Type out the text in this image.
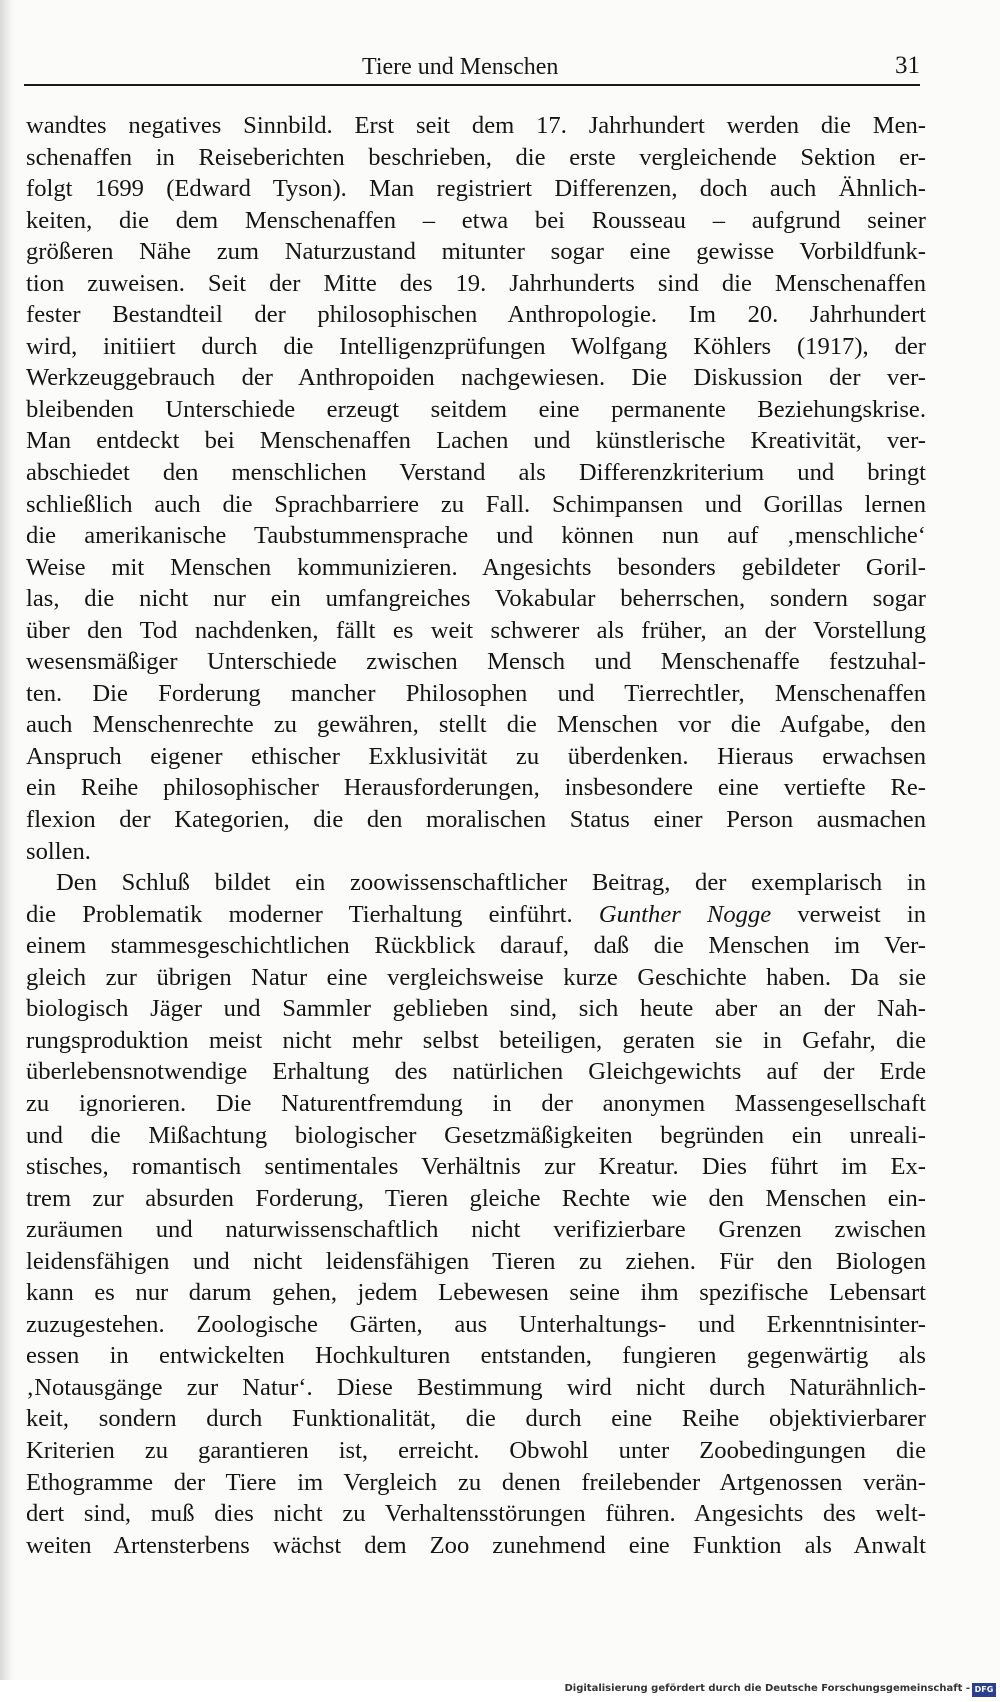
Tiere und Menschen	31
wandtes negatives Sinnbild. Erst seit dem 17. Jahrhundert werden die Men-
schenaffen in Reiseberichten beschrieben, die erste vergleichende Sektion er-
folgt 1699 (Edward Tyson). Man registriert Differenzen, doch auch Ähnlich-
keiten, die dem Menschenaffen – etwa bei Rousseau – aufgrund seiner
größeren Nähe zum Naturzustand mitunter sogar eine gewisse Vorbildfunk-
tion zuweisen. Seit der Mitte des 19. Jahrhunderts sind die Menschenaffen
fester Bestandteil der philosophischen Anthropologie. Im 20. Jahrhundert
wird, initiiert durch die Intelligenzprüfungen Wolfgang Köhlers (1917), der
Werkzeuggebrauch der Anthropoiden nachgewiesen. Die Diskussion der ver-
bleibenden Unterschiede erzeugt seitdem eine permanente Beziehungskrise.
Man entdeckt bei Menschenaffen Lachen und künstlerische Kreativität, ver-
abschiedet den menschlichen Verstand als Differenzkriterium und bringt
schließlich auch die Sprachbarriere zu Fall. Schimpansen und Gorillas lernen
die amerikanische Taubstummensprache und können nun auf ‚menschliche‘
Weise mit Menschen kommunizieren. Angesichts besonders gebildeter Goril-
las, die nicht nur ein umfangreiches Vokabular beherrschen, sondern sogar
über den Tod nachdenken, fällt es weit schwerer als früher, an der Vorstellung
wesensmäßiger Unterschiede zwischen Mensch und Menschenaffe festzuhal-
ten. Die Forderung mancher Philosophen und Tierrechtler, Menschenaffen
auch Menschenrechte zu gewähren, stellt die Menschen vor die Aufgabe, den
Anspruch eigener ethischer Exklusivität zu überdenken. Hieraus erwachsen
ein Reihe philosophischer Herausforderungen, insbesondere eine vertiefte Re-
flexion der Kategorien, die den moralischen Status einer Person ausmachen
sollen.
Den Schluß bildet ein zoowissenschaftlicher Beitrag, der exemplarisch in
die Problematik moderner Tierhaltung einführt. Gunther Nogge verweist in
einem stammesgeschichtlichen Rückblick darauf, daß die Menschen im Ver-
gleich zur übrigen Natur eine vergleichsweise kurze Geschichte haben. Da sie
biologisch Jäger und Sammler geblieben sind, sich heute aber an der Nah-
rungsproduktion meist nicht mehr selbst beteiligen, geraten sie in Gefahr, die
überlebensnotwendige Erhaltung des natürlichen Gleichgewichts auf der Erde
zu ignorieren. Die Naturentfremdung in der anonymen Massengesellschaft
und die Mißachtung biologischer Gesetzmäßigkeiten begründen ein unreali-
stisches, romantisch sentimentales Verhältnis zur Kreatur. Dies führt im Ex-
trem zur absurden Forderung, Tieren gleiche Rechte wie den Menschen ein-
zuräumen und naturwissenschaftlich nicht verifizierbare Grenzen zwischen
leidensfähigen und nicht leidensfähigen Tieren zu ziehen. Für den Biologen
kann es nur darum gehen, jedem Lebewesen seine ihm spezifische Lebensart
zuzugestehen. Zoologische Gärten, aus Unterhaltungs- und Erkenntnisinter-
essen in entwickelten Hochkulturen entstanden, fungieren gegenwärtig als
‚Notausgänge zur Natur‘. Diese Bestimmung wird nicht durch Naturähnlich-
keit, sondern durch Funktionalität, die durch eine Reihe objektivierbarer
Kriterien zu garantieren ist, erreicht. Obwohl unter Zoobedingungen die
Ethogramme der Tiere im Vergleich zu denen freilebender Artgenossen verän-
dert sind, muß dies nicht zu Verhaltensstörungen führen. Angesichts des welt-
weiten Artensterbens wächst dem Zoo zunehmend eine Funktion als Anwalt
Digitalisierung gefördert durch die Deutsche Forschungsgemeinschaft - DFG
